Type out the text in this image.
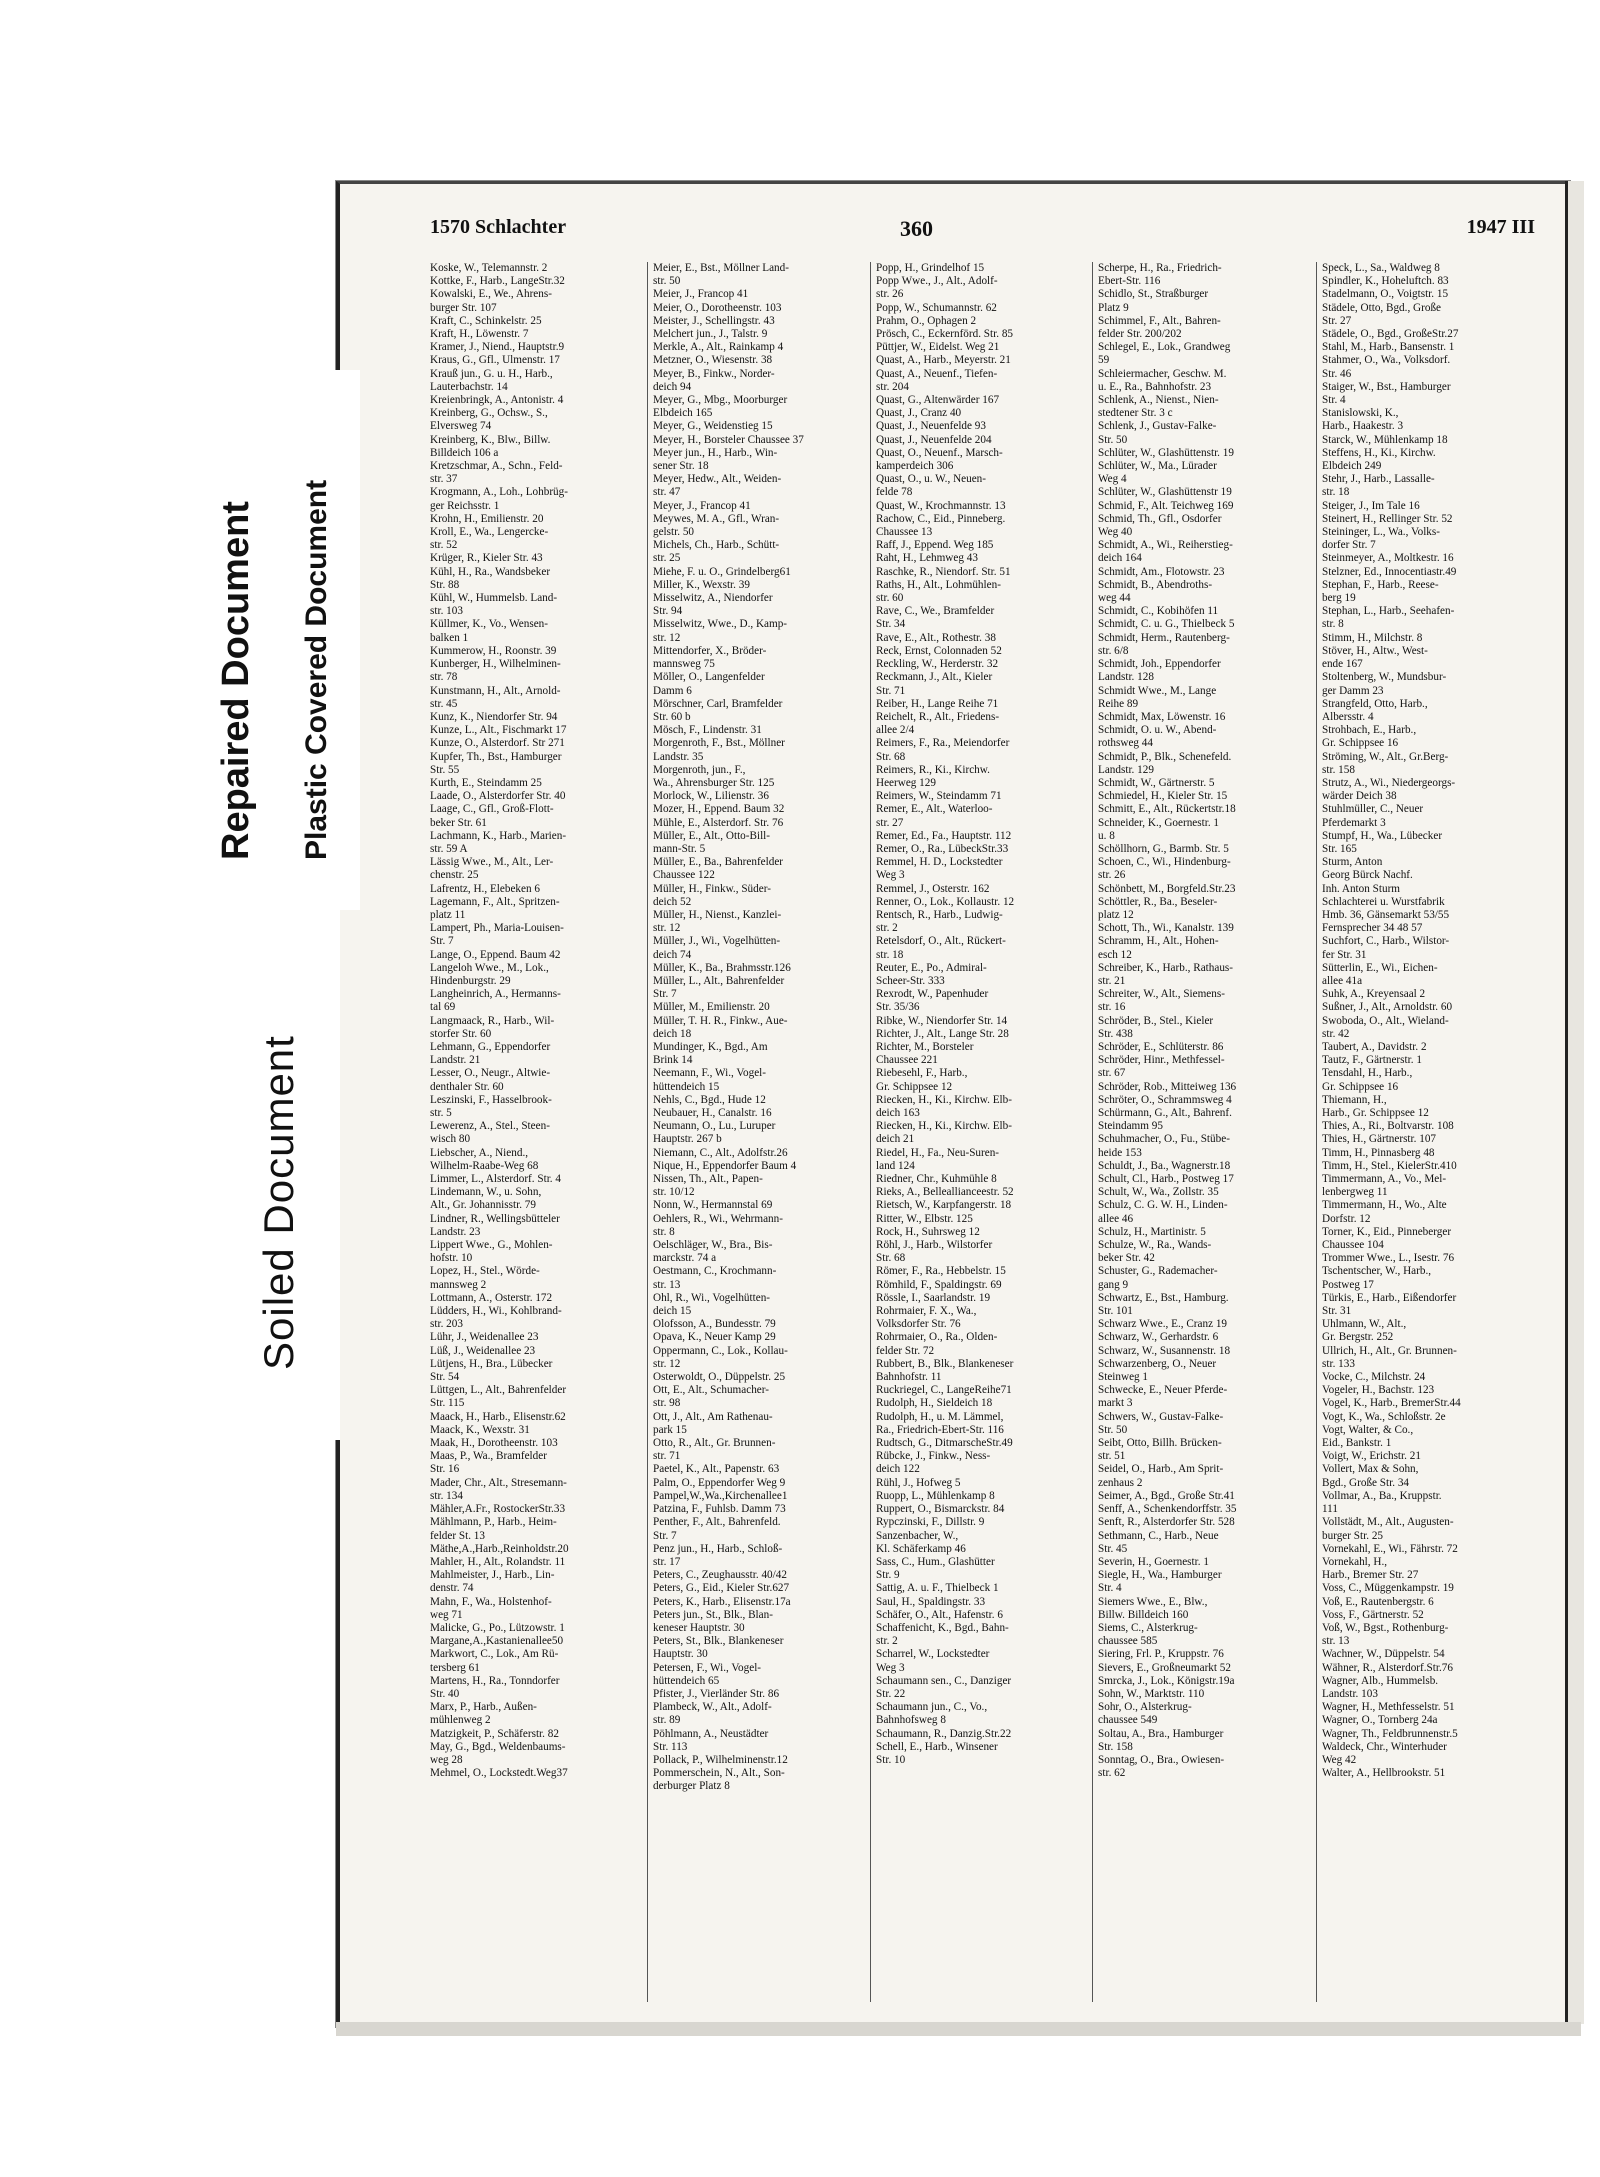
1570 Schlachter	360	1947 III
Koske, W., Telemannstr. 2
Kottke, F., Harb., LangeStr.32
Kowalski, E., We., Ahrens-
burger Str. 107
Kraft, C., Schinkelstr. 25
Kraft, H., Löwenstr. 7
Kramer, J., Niend., Hauptstr.9
Kraus, G., Gfl., Ulmenstr. 17
Krauß jun., G. u. H., Harb.,
Lauterbachstr. 14
Kreienbringk, A., Antonistr. 4
Kreinberg, G., Ochsw., S.,
Elversweg 74
Kreinberg, K., Blw., Billw.
Billdeich 106 a
Kretzschmar, A., Schn., Feld-
str. 37
Krogmann, A., Loh., Lohbrüg-
ger Reichsstr. 1
Krohn, H., Emilienstr. 20
Kroll, E., Wa., Lengercke-
str. 52
Krüger, R., Kieler Str. 43
Kühl, H., Ra., Wandsbeker
Str. 88
Kühl, W., Hummelsb. Land-
str. 103
Küllmer, K., Vo., Wensen-
balken 1
Kummerow, H., Roonstr. 39
Kunberger, H., Wilhelminen-
str. 78
Kunstmann, H., Alt., Arnold-
str. 45
Kunz, K., Niendorfer Str. 94
Kunze, L., Alt., Fischmarkt 17
Kunze, O., Alsterdorf. Str 271
Kupfer, Th., Bst., Hamburger
Str. 55
Kurth, E., Steindamm 25
Laade, O., Alsterdorfer Str. 40
Laage, C., Gfl., Groß-Flott-
beker Str. 61
Lachmann, K., Harb., Marien-
str. 59 A
Lässig Wwe., M., Alt., Ler-
chenstr. 25
Lafrentz, H., Elebeken 6
Lagemann, F., Alt., Spritzen-
platz 11
Lampert, Ph., Maria-Louisen-
Str. 7
Lange, O., Eppend. Baum 42
Langeloh Wwe., M., Lok.,
Hindenburgstr. 29
Langheinrich, A., Hermanns-
tal 69
Langmaack, R., Harb., Wil-
storfer Str. 60
Lehmann, G., Eppendorfer
Landstr. 21
Lesser, O., Neugr., Altwie-
denthaler Str. 60
Leszinski, F., Hasselbrook-
str. 5
Lewerenz, A., Stel., Steen-
wisch 80
Liebscher, A., Niend.,
Wilhelm-Raabe-Weg 68
Limmer, L., Alsterdorf. Str. 4
Lindemann, W., u. Sohn,
Alt., Gr. Johannisstr. 79
Lindner, R., Wellingsbütteler
Landstr. 23
Lippert Wwe., G., Mohlen-
hofstr. 10
Lopez, H., Stel., Wörde-
mannsweg 2
Lottmann, A., Osterstr. 172
Lüdders, H., Wi., Kohlbrand-
str. 203
Lühr, J., Weidenallee 23
Lüß, J., Weidenallee 23
Lütjens, H., Bra., Lübecker
Str. 54
Lüttgen, L., Alt., Bahrenfelder
Str. 115
Maack, H., Harb., Elisenstr.62
Maack, K., Wexstr. 31
Maak, H., Dorotheenstr. 103
Maas, P., Wa., Bramfelder
Str. 16
Mader, Chr., Alt., Stresemann-
str. 134
Mähler,A.Fr., RostockerStr.33
Mählmann, P., Harb., Heim-
felder St. 13
Mäthe,A.,Harb.,Reinholdstr.20
Mahler, H., Alt., Rolandstr. 11
Mahlmeister, J., Harb., Lin-
denstr. 74
Mahn, F., Wa., Holstenhof-
weg 71
Malicke, G., Po., Lützowstr. 1
Margane,A.,Kastanienallee50
Markwort, C., Lok., Am Rü-
tersberg 61
Martens, H., Ra., Tonndorfer
Str. 40
Marx, P., Harb., Außen-
mühlenweg 2
Matzigkeit, P., Schäferstr. 82
May, G., Bgd., Weldenbaums-
weg 28
Mehmel, O., Lockstedt.Weg37
Meier, E., Bst., Möllner Land-
str. 50
Meier, J., Francop 41
Meier, O., Dorotheenstr. 103
Meister, J., Schellingstr. 43
Melchert jun., J., Talstr. 9
Merkle, A., Alt., Rainkamp 4
Metzner, O., Wiesenstr. 38
Meyer, B., Finkw., Norder-
deich 94
Meyer, G., Mbg., Moorburger
Elbdeich 165
Meyer, G., Weidenstieg 15
Meyer, H., Borsteler Chaussee 37
Meyer jun., H., Harb., Win-
sener Str. 18
Meyer, Hedw., Alt., Weiden-
str. 47
Meyer, J., Francop 41
Meywes, M. A., Gfl., Wran-
gelstr. 50
Michels, Ch., Harb., Schütt-
str. 25
Miehe, F. u. O., Grindelberg61
Miller, K., Wexstr. 39
Misselwitz, A., Niendorfer
Str. 94
Misselwitz, Wwe., D., Kamp-
str. 12
Mittendorfer, X., Bröder-
mannsweg 75
Möller, O., Langenfelder
Damm 6
Mörschner, Carl, Bramfelder
Str. 60 b
Mösch, F., Lindenstr. 31
Morgenroth, F., Bst., Möllner
Landstr. 35
Morgenroth, jun., F.,
Wa., Ahrensburger Str. 125
Morlock, W., Lilienstr. 36
Mozer, H., Eppend. Baum 32
Mühle, E., Alsterdorf. Str. 76
Müller, E., Alt., Otto-Bill-
mann-Str. 5
Müller, E., Ba., Bahrenfelder
Chaussee 122
Müller, H., Finkw., Süder-
deich 52
Müller, H., Nienst., Kanzlei-
str. 12
Müller, J., Wi., Vogelhütten-
deich 74
Müller, K., Ba., Brahmsstr.126
Müller, L., Alt., Bahrenfelder
Str. 7
Müller, M., Emilienstr. 20
Müller, T. H. R., Finkw., Aue-
deich 18
Mundinger, K., Bgd., Am
Brink 14
Neemann, F., Wi., Vogel-
hüttendeich 15
Nehls, C., Bgd., Hude 12
Neubauer, H., Canalstr. 16
Neumann, O., Lu., Luruper
Hauptstr. 267 b
Niemann, C., Alt., Adolfstr.26
Nique, H., Eppendorfer Baum 4
Nissen, Th., Alt., Papen-
str. 10/12
Nonn, W., Hermannstal 69
Oehlers, R., Wi., Wehrmann-
str. 8
Oelschläger, W., Bra., Bis-
marckstr. 74 a
Oestmann, C., Krochmann-
str. 13
Ohl, R., Wi., Vogelhütten-
deich 15
Olofsson, A., Bundesstr. 79
Opava, K., Neuer Kamp 29
Oppermann, C., Lok., Kollau-
str. 12
Osterwoldt, O., Düppelstr. 25
Ott, E., Alt., Schumacher-
str. 98
Ott, J., Alt., Am Rathenau-
park 15
Otto, R., Alt., Gr. Brunnen-
str. 71
Paetel, K., Alt., Papenstr. 63
Palm, O., Eppendorfer Weg 9
Pampel,W.,Wa.,Kirchenallee1
Patzina, F., Fuhlsb. Damm 73
Penther, F., Alt., Bahrenfeld.
Str. 7
Penz jun., H., Harb., Schloß-
str. 17
Peters, C., Zeughausstr. 40/42
Peters, G., Eid., Kieler Str.627
Peters, K., Harb., Elisenstr.17a
Peters jun., St., Blk., Blan-
keneser Hauptstr. 30
Peters, St., Blk., Blankeneser
Hauptstr. 30
Petersen, F., Wi., Vogel-
hüttendeich 65
Pfister, J., Vierländer Str. 86
Plambeck, W., Alt., Adolf-
str. 89
Pöhlmann, A., Neustädter
Str. 113
Pollack, P., Wilhelminenstr.12
Pommerschein, N., Alt., Son-
derburger Platz 8
Popp, H., Grindelhof 15
Popp Wwe., J., Alt., Adolf-
str. 26
Popp, W., Schumannstr. 62
Prahm, O., Ophagen 2
Prösch, C., Eckernförd. Str. 85
Püttjer, W., Eidelst. Weg 21
Quast, A., Harb., Meyerstr. 21
Quast, A., Neuenf., Tiefen-
str. 204
Quast, G., Altenwärder 167
Quast, J., Cranz 40
Quast, J., Neuenfelde 93
Quast, J., Neuenfelde 204
Quast, O., Neuenf., Marsch-
kamperdeich 306
Quast, O., u. W., Neuen-
felde 78
Quast, W., Krochmannstr. 13
Rachow, C., Eid., Pinneberg.
Chaussee 13
Raff, J., Eppend. Weg 185
Raht, H., Lehmweg 43
Raschke, R., Niendorf. Str. 51
Raths, H., Alt., Lohmühlen-
str. 60
Rave, C., We., Bramfelder
Str. 34
Rave, E., Alt., Rothestr. 38
Reck, Ernst, Colonnaden 52
Reckling, W., Herderstr. 32
Reckmann, J., Alt., Kieler
Str. 71
Reiber, H., Lange Reihe 71
Reichelt, R., Alt., Friedens-
allee 2/4
Reimers, F., Ra., Meiendorfer
Str. 68
Reimers, R., Ki., Kirchw.
Heerweg 129
Reimers, W., Steindamm 71
Remer, E., Alt., Waterloo-
str. 27
Remer, Ed., Fa., Hauptstr. 112
Remer, O., Ra., LübeckStr.33
Remmel, H. D., Lockstedter
Weg 3
Remmel, J., Osterstr. 162
Renner, O., Lok., Kollaustr. 12
Rentsch, R., Harb., Ludwig-
str. 2
Retelsdorf, O., Alt., Rückert-
str. 18
Reuter, E., Po., Admiral-
Scheer-Str. 333
Rexrodt, W., Papenhuder
Str. 35/36
Ribke, W., Niendorfer Str. 14
Richter, J., Alt., Lange Str. 28
Richter, M., Borsteler
Chaussee 221
Riebesehl, F., Harb.,
Gr. Schippsee 12
Riecken, H., Ki., Kirchw. Elb-
deich 163
Riecken, H., Ki., Kirchw. Elb-
deich 21
Riedel, H., Fa., Neu-Suren-
land 124
Riedner, Chr., Kuhmühle 8
Rieks, A., Belleallianceestr. 52
Rietsch, W., Karpfangerstr. 18
Ritter, W., Elbstr. 125
Rock, H., Suhrsweg 12
Röhl, J., Harb., Wilstorfer
Str. 68
Römer, F., Ra., Hebbelstr. 15
Römhild, F., Spaldingstr. 69
Rössle, I., Saarlandstr. 19
Rohrmaier, F. X., Wa.,
Volksdorfer Str. 76
Rohrmaier, O., Ra., Olden-
felder Str. 72
Rubbert, B., Blk., Blankeneser
Bahnhofstr. 11
Ruckriegel, C., LangeReihe71
Rudolph, H., Sieldeich 18
Rudolph, H., u. M. Lämmel,
Ra., Friedrich-Ebert-Str. 116
Rudtsch, G., DitmarscheStr.49
Rübcke, J., Finkw., Ness-
deich 122
Rühl, J., Hofweg 5
Ruopp, L., Mühlenkamp 8
Ruppert, O., Bismarckstr. 84
Rypczinski, F., Dillstr. 9
Sanzenbacher, W.,
Kl. Schäferkamp 46
Sass, C., Hum., Glashütter
Str. 9
Sattig, A. u. F., Thielbeck 1
Saul, H., Spaldingstr. 33
Schäfer, O., Alt., Hafenstr. 6
Schaffenicht, K., Bgd., Bahn-
str. 2
Scharrel, W., Lockstedter
Weg 3
Schaumann sen., C., Danziger
Str. 22
Schaumann jun., C., Vo.,
Bahnhofsweg 8
Schaumann, R., Danzig.Str.22
Schell, E., Harb., Winsener
Str. 10
Scherpe, H., Ra., Friedrich-
Ebert-Str. 116
Schidlo, St., Straßburger
Platz 9
Schimmel, F., Alt., Bahren-
felder Str. 200/202
Schlegel, E., Lok., Grandweg
59
Schleiermacher, Geschw. M.
u. E., Ra., Bahnhofstr. 23
Schlenk, A., Nienst., Nien-
stedtener Str. 3 c
Schlenk, J., Gustav-Falke-
Str. 50
Schlüter, W., Glashüttenstr. 19
Schlüter, W., Ma., Lürader
Weg 4
Schlüter, W., Glashüttenstr 19
Schmid, F., Alt. Teichweg 169
Schmid, Th., Gfl., Osdorfer
Weg 40
Schmidt, A., Wi., Reiherstieg-
deich 164
Schmidt, Am., Flotowstr. 23
Schmidt, B., Abendroths-
weg 44
Schmidt, C., Kobihöfen 11
Schmidt, C. u. G., Thielbeck 5
Schmidt, Herm., Rautenberg-
str. 6/8
Schmidt, Joh., Eppendorfer
Landstr. 128
Schmidt Wwe., M., Lange
Reihe 89
Schmidt, Max, Löwenstr. 16
Schmidt, O. u. W., Abend-
rothsweg 44
Schmidt, P., Blk., Schenefeld.
Landstr. 129
Schmidt, W., Gärtnerstr. 5
Schmiedel, H., Kieler Str. 15
Schmitt, E., Alt., Rückertstr.18
Schneider, K., Goernestr. 1
u. 8
Schöllhorn, G., Barmb. Str. 5
Schoen, C., Wi., Hindenburg-
str. 26
Schönbett, M., Borgfeld.Str.23
Schöttler, R., Ba., Beseler-
platz 12
Schott, Th., Wi., Kanalstr. 139
Schramm, H., Alt., Hohen-
esch 12
Schreiber, K., Harb., Rathaus-
str. 21
Schreiter, W., Alt., Siemens-
str. 16
Schröder, B., Stel., Kieler
Str. 438
Schröder, E., Schlüterstr. 86
Schröder, Hinr., Methfessel-
str. 67
Schröder, Rob., Mitteiweg 136
Schröter, O., Schrammsweg 4
Schürmann, G., Alt., Bahrenf.
Steindamm 95
Schuhmacher, O., Fu., Stübe-
heide 153
Schuldt, J., Ba., Wagnerstr.18
Schult, Cl., Harb., Postweg 17
Schult, W., Wa., Zollstr. 35
Schulz, C. G. W. H., Linden-
allee 46
Schulz, H., Martinistr. 5
Schulze, W., Ra., Wands-
beker Str. 42
Schuster, G., Rademacher-
gang 9
Schwartz, E., Bst., Hamburg.
Str. 101
Schwarz Wwe., E., Cranz 19
Schwarz, W., Gerhardstr. 6
Schwarz, W., Susannenstr. 18
Schwarzenberg, O., Neuer
Steinweg 1
Schwecke, E., Neuer Pferde-
markt 3
Schwers, W., Gustav-Falke-
Str. 50
Seibt, Otto, Billh. Brücken-
str. 51
Seidel, O., Harb., Am Sprit-
zenhaus 2
Seimer, A., Bgd., Große Str.41
Senff, A., Schenkendorffstr. 35
Senft, R., Alsterdorfer Str. 528
Sethmann, C., Harb., Neue
Str. 45
Severin, H., Goernestr. 1
Siegle, H., Wa., Hamburger
Str. 4
Siemers Wwe., E., Blw.,
Billw. Billdeich 160
Siems, C., Alsterkrug-
chaussee 585
Siering, Frl. P., Kruppstr. 76
Sievers, E., Großneumarkt 52
Smrcka, J., Lok., Königstr.19a
Sohn, W., Marktstr. 110
Sohr, O., Alsterkrug-
chaussee 549
Soltau, A., Bra., Hamburger
Str. 158
Sonntag, O., Bra., Owiesen-
str. 62
Speck, L., Sa., Waldweg 8
Spindler, K., Hoheluftch. 83
Stadelmann, O., Voigtstr. 15
Städele, Otto, Bgd., Große
Str. 27
Städele, O., Bgd., GroßeStr.27
Stahl, M., Harb., Bansenstr. 1
Stahmer, O., Wa., Volksdorf.
Str. 46
Staiger, W., Bst., Hamburger
Str. 4
Stanislowski, K.,
Harb., Haakestr. 3
Starck, W., Mühlenkamp 18
Steffens, H., Ki., Kirchw.
Elbdeich 249
Stehr, J., Harb., Lassalle-
str. 18
Steiger, J., Im Tale 16
Steinert, H., Rellinger Str. 52
Steininger, L., Wa., Volks-
dorfer Str. 7
Steinmeyer, A., Moltkestr. 16
Stelzner, Ed., Innocentiastr.49
Stephan, F., Harb., Reese-
berg 19
Stephan, L., Harb., Seehafen-
str. 8
Stimm, H., Milchstr. 8
Stöver, H., Altw., West-
ende 167
Stoltenberg, W., Mundsbur-
ger Damm 23
Strangfeld, Otto, Harb.,
Albersstr. 4
Strohbach, E., Harb.,
Gr. Schippsee 16
Ströming, W., Alt., Gr.Berg-
str. 158
Strutz, A., Wi., Niedergeorgs-
wärder Deich 38
Stuhlmüller, C., Neuer
Pferdemarkt 3
Stumpf, H., Wa., Lübecker
Str. 165
Sturm, Anton
Georg Bürck Nachf.
Inh. Anton Sturm
Schlachterei u. Wurstfabrik
Hmb. 36, Gänsemarkt 53/55
Fernsprecher 34 48 57
Suchfort, C., Harb., Wilstor-
fer Str. 31
Sütterlin, E., Wi., Eichen-
allee 41a
Suhk, A., Kreyensaal 2
Sußner, J., Alt., Arnoldstr. 60
Swoboda, O., Alt., Wieland-
str. 42
Taubert, A., Davidstr. 2
Tautz, F., Gärtnerstr. 1
Tensdahl, H., Harb.,
Gr. Schippsee 16
Thiemann, H.,
Harb., Gr. Schippsee 12
Thies, A., Ri., Boltvarstr. 108
Thies, H., Gärtnerstr. 107
Timm, H., Pinnasberg 48
Timm, H., Stel., KielerStr.410
Timmermann, A., Vo., Mel-
lenbergweg 11
Timmermann, H., Wo., Alte
Dorfstr. 12
Torner, K., Eid., Pinneberger
Chaussee 104
Trommer Wwe., L., Isestr. 76
Tschentscher, W., Harb.,
Postweg 17
Türkis, E., Harb., Eißendorfer
Str. 31
Uhlmann, W., Alt.,
Gr. Bergstr. 252
Ullrich, H., Alt., Gr. Brunnen-
str. 133
Vocke, C., Milchstr. 24
Vogeler, H., Bachstr. 123
Vogel, K., Harb., BremerStr.44
Vogt, K., Wa., Schloßstr. 2e
Vogt, Walter, & Co.,
Eid., Bankstr. 1
Voigt, W., Erichstr. 21
Vollert, Max & Sohn,
Bgd., Große Str. 34
Vollmar, A., Ba., Kruppstr.
111
Vollstädt, M., Alt., Augusten-
burger Str. 25
Vornekahl, E., Wi., Fährstr. 72
Vornekahl, H.,
Harb., Bremer Str. 27
Voss, C., Müggenkampstr. 19
Voß, E., Rautenbergstr. 6
Voss, F., Gärtnerstr. 52
Voß, W., Bgst., Rothenburg-
str. 13
Wachner, W., Düppelstr. 54
Wähner, R., Alsterdorf.Str.76
Wagner, Alb., Hummelsb.
Landstr. 103
Wagner, H., Methfesselstr. 51
Wagner, O., Tornberg 24a
Wagner, Th., Feldbrunnenstr.5
Waldeck, Chr., Winterhuder
Weg 42
Walter, A., Hellbrookstr. 51
Repaired Document Plastic Covered Document
Soiled Document
